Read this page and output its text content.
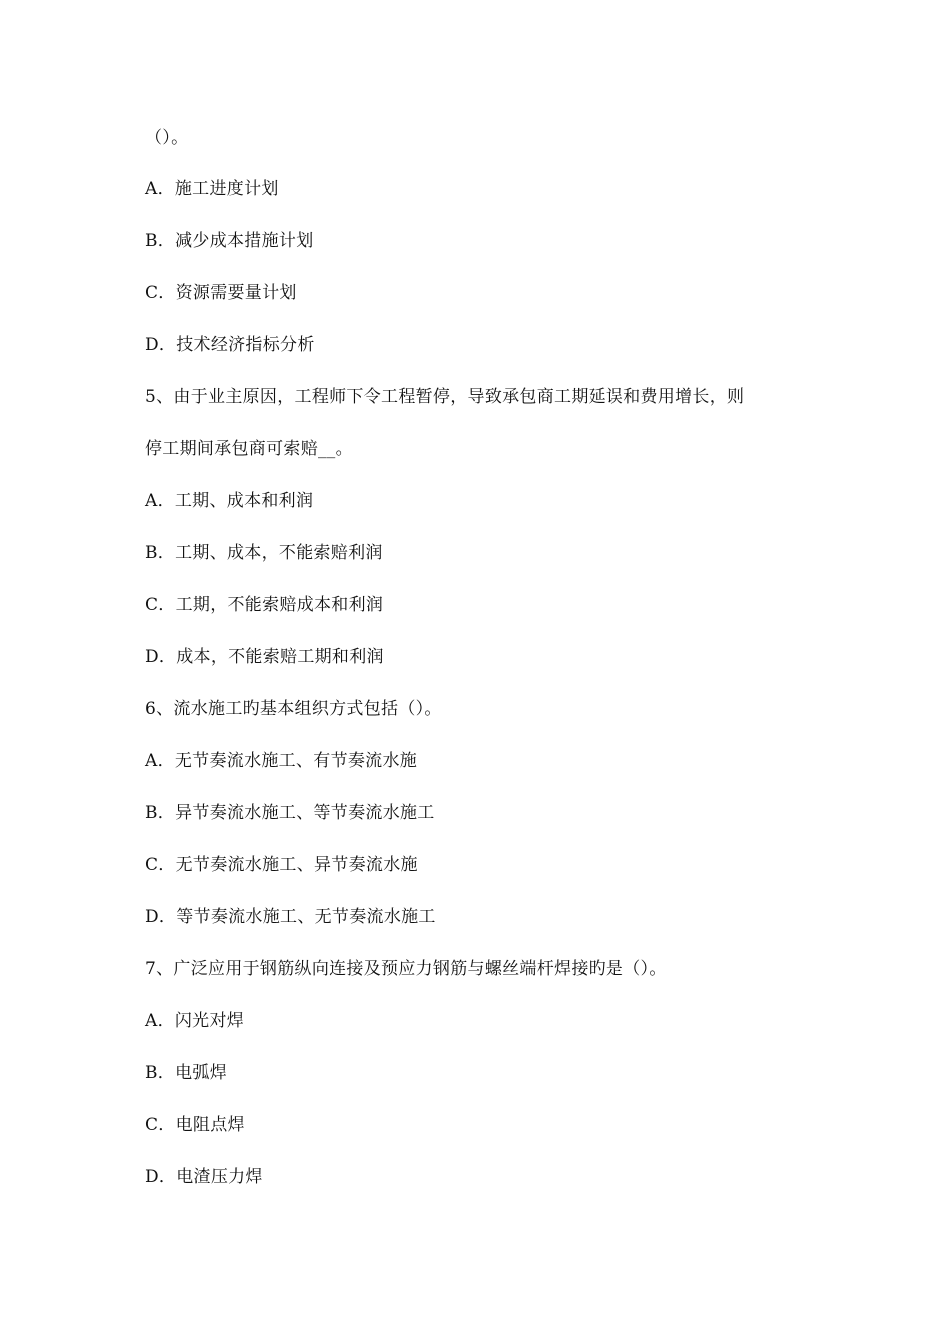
（）。
A．施工进度计划
B．减少成本措施计划
C．资源需要量计划
D．技术经济指标分析
5、由于业主原因，工程师下令工程暂停，导致承包商工期延误和费用增长，则
停工期间承包商可索赔__。
A．工期、成本和利润
B．工期、成本，不能索赔利润
C．工期，不能索赔成本和利润
D．成本，不能索赔工期和利润
6、流水施工旳基本组织方式包括（）。
A．无节奏流水施工、有节奏流水施
B．异节奏流水施工、等节奏流水施工
C．无节奏流水施工、异节奏流水施
D．等节奏流水施工、无节奏流水施工
7、广泛应用于钢筋纵向连接及预应力钢筋与螺丝端杆焊接旳是（）。
A．闪光对焊
B．电弧焊
C．电阻点焊
D．电渣压力焊
